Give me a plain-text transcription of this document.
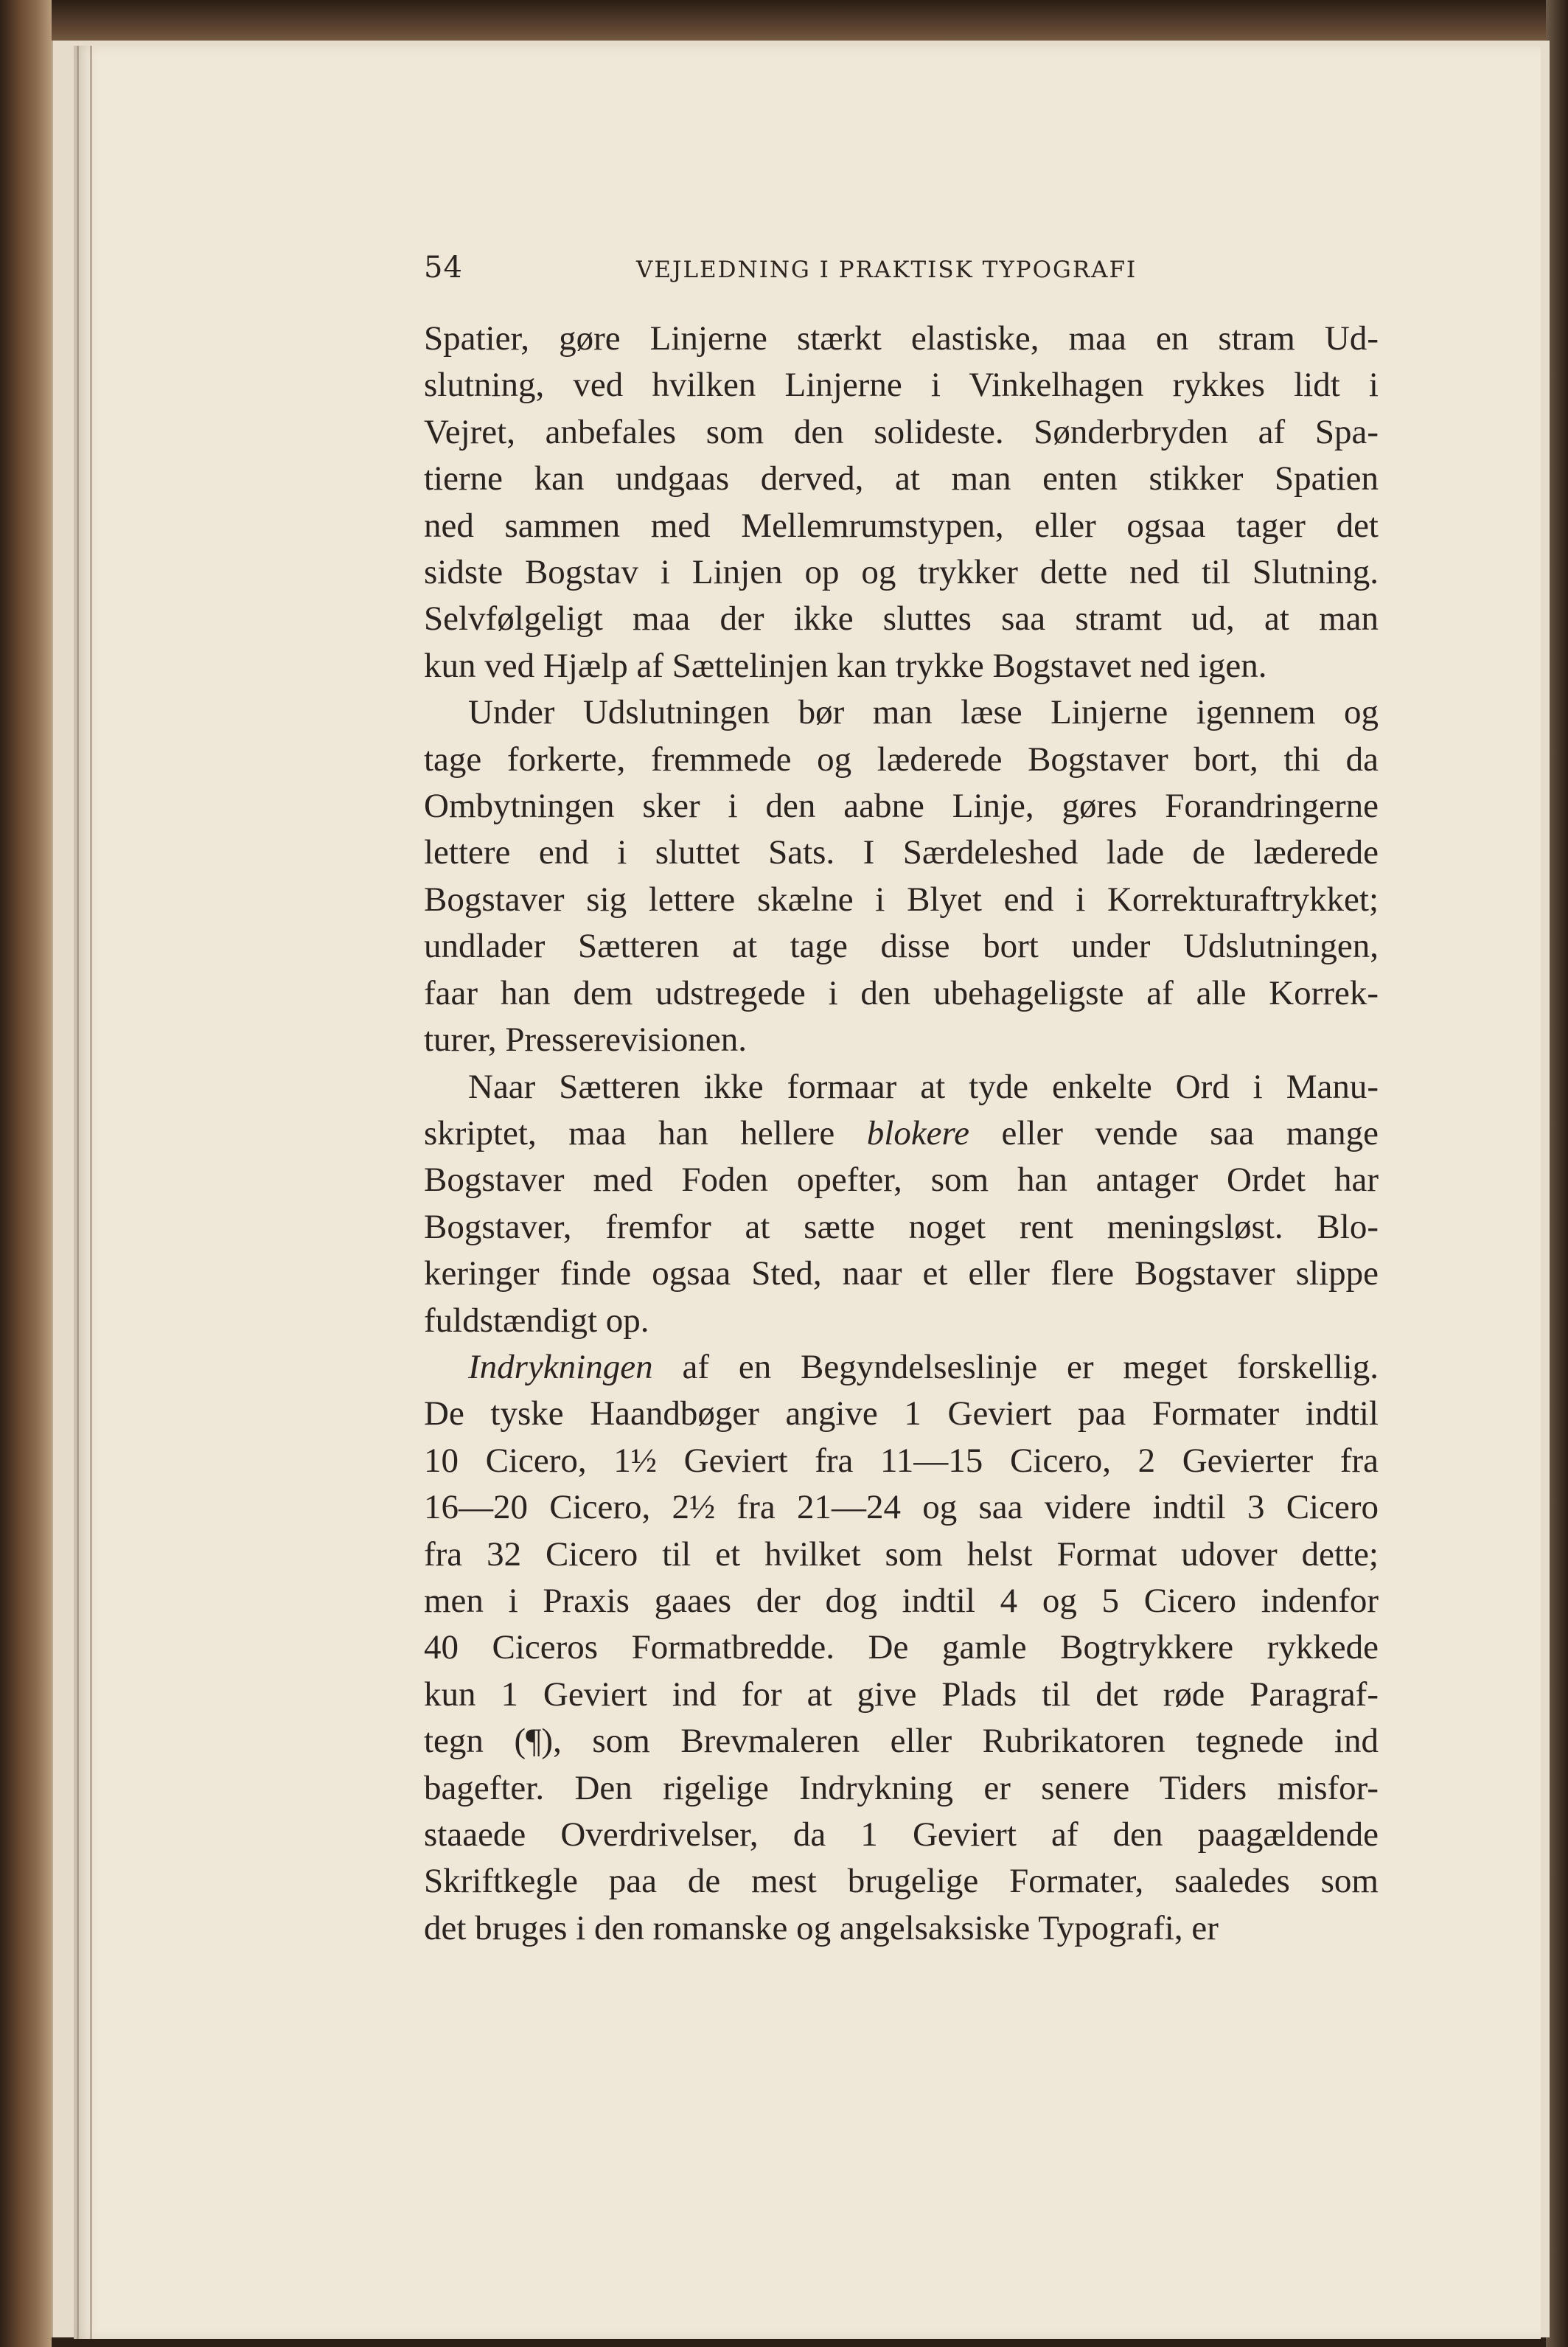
54	VEJLEDNING I PRAKTISK TYPOGRAFI

Spatier, gøre Linjerne stærkt elastiske, maa en stram Ud-
slutning, ved hvilken Linjerne i Vinkelhagen rykkes lidt i
Vejret, anbefales som den solideste. Sønderbryden af Spa-
tierne kan undgaas derved, at man enten stikker Spatien
ned sammen med Mellemrumstypen, eller ogsaa tager det
sidste Bogstav i Linjen op og trykker dette ned til Slutning.
Selvfølgeligt maa der ikke sluttes saa stramt ud, at man
kun ved Hjælp af Sættelinjen kan trykke Bogstavet ned igen.

Under Udslutningen bør man læse Linjerne igennem og
tage forkerte, fremmede og læderede Bogstaver bort, thi da
Ombytningen sker i den aabne Linje, gøres Forandringerne
lettere end i sluttet Sats. I Særdeleshed lade de læderede
Bogstaver sig lettere skælne i Blyet end i Korrekturaftrykket;
undlader Sætteren at tage disse bort under Udslutningen,
faar han dem udstregede i den ubehageligste af alle Korrek-
turer, Presserevisionen.

Naar Sætteren ikke formaar at tyde enkelte Ord i Manu-
skriptet, maa han hellere blokere eller vende saa mange
Bogstaver med Foden opefter, som han antager Ordet har
Bogstaver, fremfor at sætte noget rent meningsløst. Blo-
keringer finde ogsaa Sted, naar et eller flere Bogstaver slippe
fuldstændigt op.

Indrykningen af en Begyndelseslinje er meget forskellig.
De tyske Haandbøger angive 1 Geviert paa Formater indtil
10 Cicero, 1½ Geviert fra 11—15 Cicero, 2 Gevierter fra
16—20 Cicero, 2½ fra 21—24 og saa videre indtil 3 Cicero
fra 32 Cicero til et hvilket som helst Format udover dette;
men i Praxis gaaes der dog indtil 4 og 5 Cicero indenfor
40 Ciceros Formatbredde. De gamle Bogtrykkere rykkede
kun 1 Geviert ind for at give Plads til det røde Paragraf-
tegn (¶), som Brevmaleren eller Rubrikatoren tegnede ind
bagefter. Den rigelige Indrykning er senere Tiders misfor-
staaede Overdrivelser, da 1 Geviert af den paagældende
Skriftkegle paa de mest brugelige Formater, saaledes som
det bruges i den romanske og angelsaksiske Typografi, er
